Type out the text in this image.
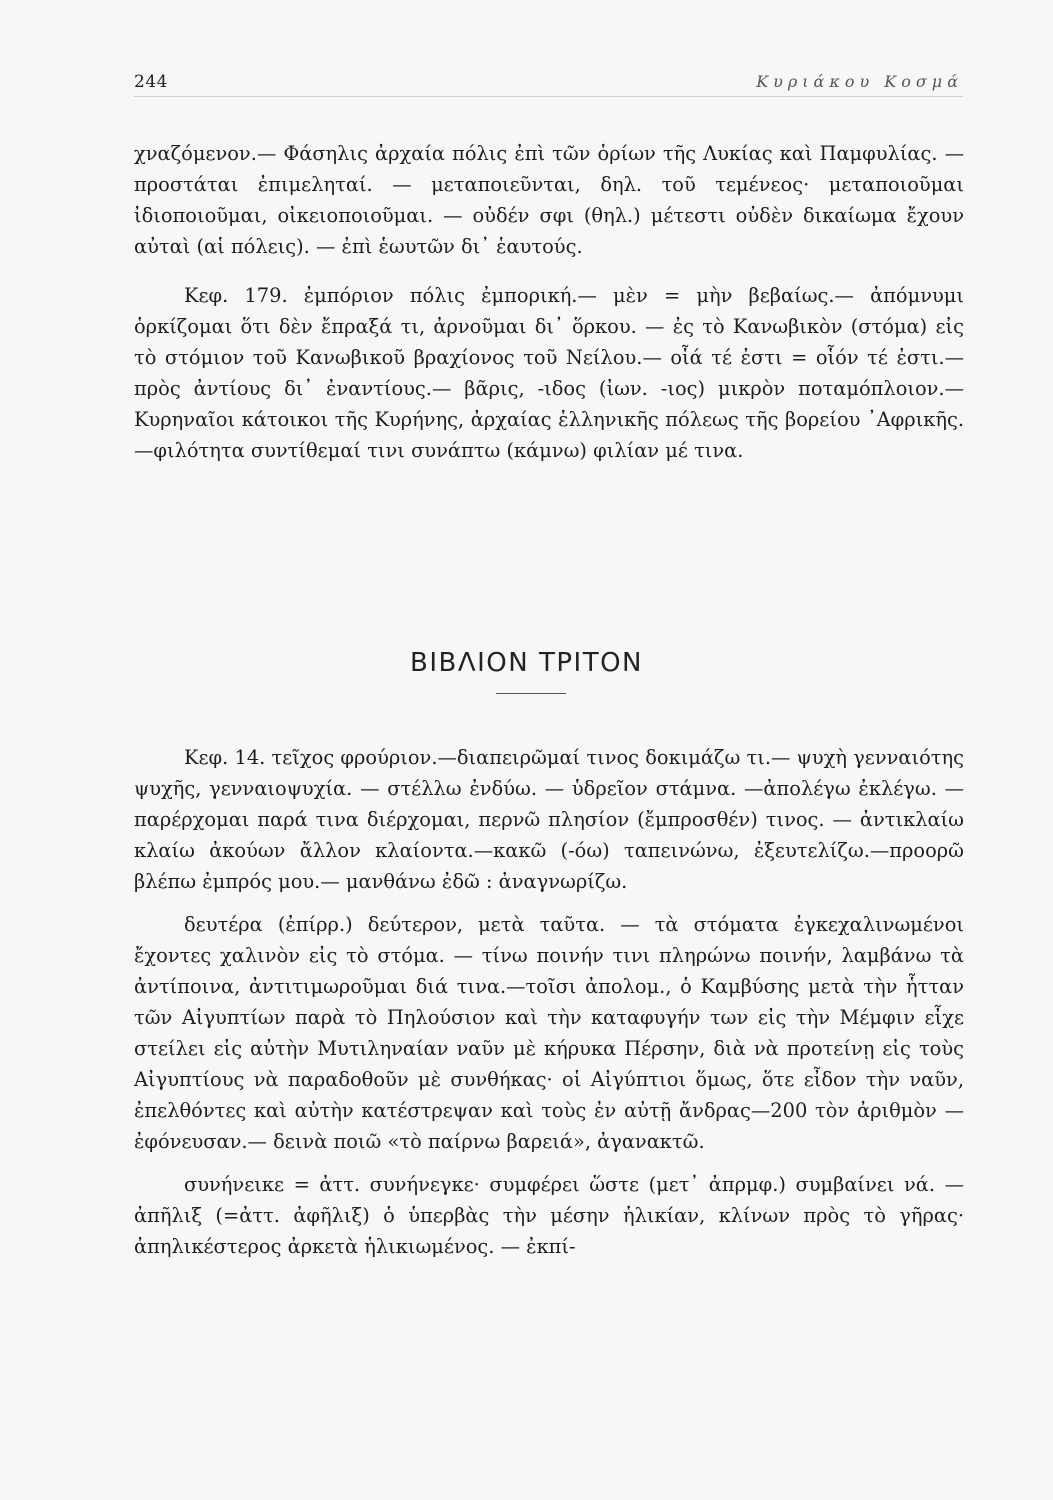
244	Κυριάκου Κοσμά

χναζόμενον.— Φάσηλις ἀρχαία πόλις ἐπὶ τῶν ὁρίων τῆς Λυκίας καὶ Παμφυλίας. — προστάται ἐπιμεληταί. — μεταποιεῦνται, δηλ. τοῦ τεμένεος· μεταποιοῦμαι ἰδιοποιοῦμαι, οἰκειοποιοῦμαι. — οὐδέν σφι (θηλ.) μέτεστι οὐδὲν δικαίωμα ἔχουν αὐταὶ (αἱ πόλεις). — ἐπὶ ἑωυτῶν δι᾽ ἑαυτούς.

Κεφ. 179. ἐμπόριον πόλις ἐμπορική.— μὲν = μὴν βεβαίως.— ἀπόμνυμι ὁρκίζομαι ὅτι δὲν ἔπραξά τι, ἀρνοῦμαι δι᾽ ὅρκου. — ἐς τὸ Κανωβικὸν (στόμα) εἰς τὸ στόμιον τοῦ Κανωβικοῦ βραχίονος τοῦ Νείλου.— οἷά τέ ἐστι = οἷόν τέ ἐστι.— πρὸς ἀντίους δι᾽ ἐναντίους.— βᾶρις, -ιδος (ἰων. -ιος) μικρὸν ποταμόπλοιον.—Κυρηναῖοι κάτοικοι τῆς Κυρήνης, ἀρχαίας ἑλληνικῆς πόλεως τῆς βορείου ᾿Αφρικῆς.—φιλότητα συντίθεμαί τινι συνάπτω (κάμνω) φιλίαν μέ τινα.

ΒΙΒΛΙΟΝ ΤΡΙΤΟΝ

Κεφ. 14. τεῖχος φρούριον.—διαπειρῶμαί τινος δοκιμάζω τι.— ψυχὴ γενναιότης ψυχῆς, γενναιοψυχία. — στέλλω ἐνδύω. — ὑδρεῖον στάμνα. —ἀπολέγω ἐκλέγω. — παρέρχομαι παρά τινα διέρχομαι, περνῶ πλησίον (ἔμπροσθέν) τινος. — ἀντικλαίω κλαίω ἀκούων ἄλλον κλαίοντα.—κακῶ (-όω) ταπεινώνω, ἐξευτελίζω.—προορῶ βλέπω ἐμπρός μου.— μανθάνω ἐδῶ : ἀναγνωρίζω.

δευτέρα (ἐπίρρ.) δεύτερον, μετὰ ταῦτα. — τὰ στόματα ἐγκεχαλινωμένοι ἔχοντες χαλινὸν εἰς τὸ στόμα. — τίνω ποινήν τινι πληρώνω ποινήν, λαμβάνω τὰ ἀντίποινα, ἀντιτιμωροῦμαι διά τινα.—τοῖσι ἀπολομ., ὁ Καμβύσης μετὰ τὴν ἧτταν τῶν Αἰγυπτίων παρὰ τὸ Πηλούσιον καὶ τὴν καταφυγήν των εἰς τὴν Μέμφιν εἶχε στείλει εἰς αὐτὴν Μυτιληναίαν ναῦν μὲ κήρυκα Πέρσην, διὰ νὰ προτείνῃ εἰς τοὺς Αἰγυπτίους νὰ παραδοθοῦν μὲ συνθήκας· οἱ Αἰγύπτιοι ὅμως, ὅτε εἶδον τὴν ναῦν, ἐπελθόντες καὶ αὐτὴν κατέστρεψαν καὶ τοὺς ἐν αὐτῇ ἄνδρας—200 τὸν ἀριθμὸν — ἐφόνευσαν.— δεινὰ ποιῶ «τὸ παίρνω βαρειά», ἀγανακτῶ.

συνήνεικε = ἀττ. συνήνεγκε· συμφέρει ὥστε (μετ᾽ ἀπρμφ.) συμβαίνει νά. — ἀπῆλιξ (=ἀττ. ἀφῆλιξ) ὁ ὑπερβὰς τὴν μέσην ἡλικίαν, κλίνων πρὸς τὸ γῆρας· ἀπηλικέστερος ἀρκετὰ ἡλικιωμένος. — ἐκπί-
